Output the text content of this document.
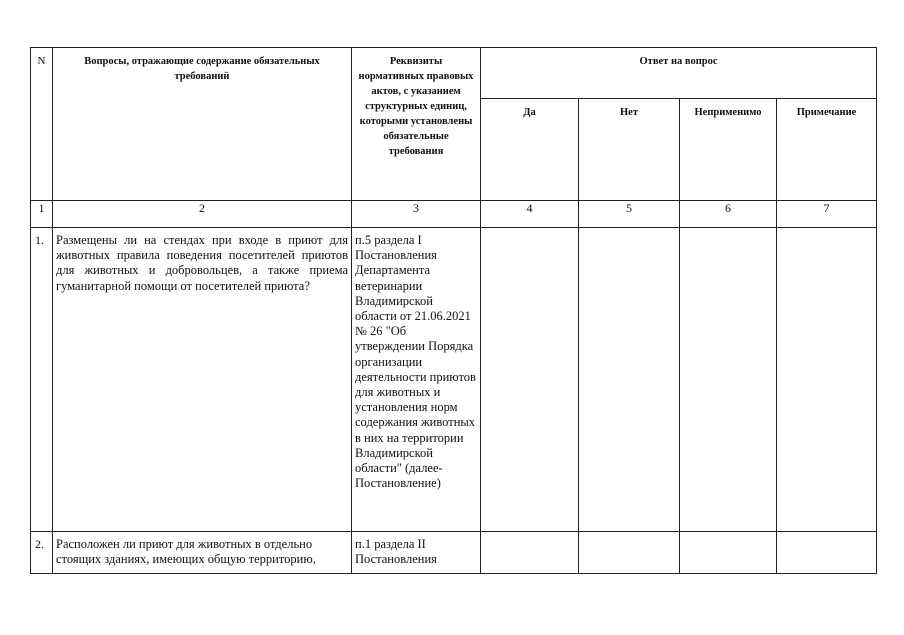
N	Вопросы, отражающие содержание обязательных требований	Реквизиты нормативных правовых актов, с указанием структурных единиц, которыми установлены обязательные требования	Ответ на вопрос			

			Да	Нет	Неприменимо	Примечание

1	2	3	4	5	6	7

1.	Размещены ли на стендах при входе в приют для животных правила поведения посетителей приютов для животных и добровольцев, а также приема гуманитарной помощи от посетителей приюта?	п.5 раздела I Постановления Департамента ветеринарии Владимирской области от 21.06.2021 № 26 "Об утверждении Порядка организации деятельности приютов для животных и установления норм содержания животных в них на территории Владимирской области" (далее-Постановление)				

2.	Расположен ли приют для животных в отдельно стоящих зданиях, имеющих общую территорию,	п.1 раздела II Постановления				
